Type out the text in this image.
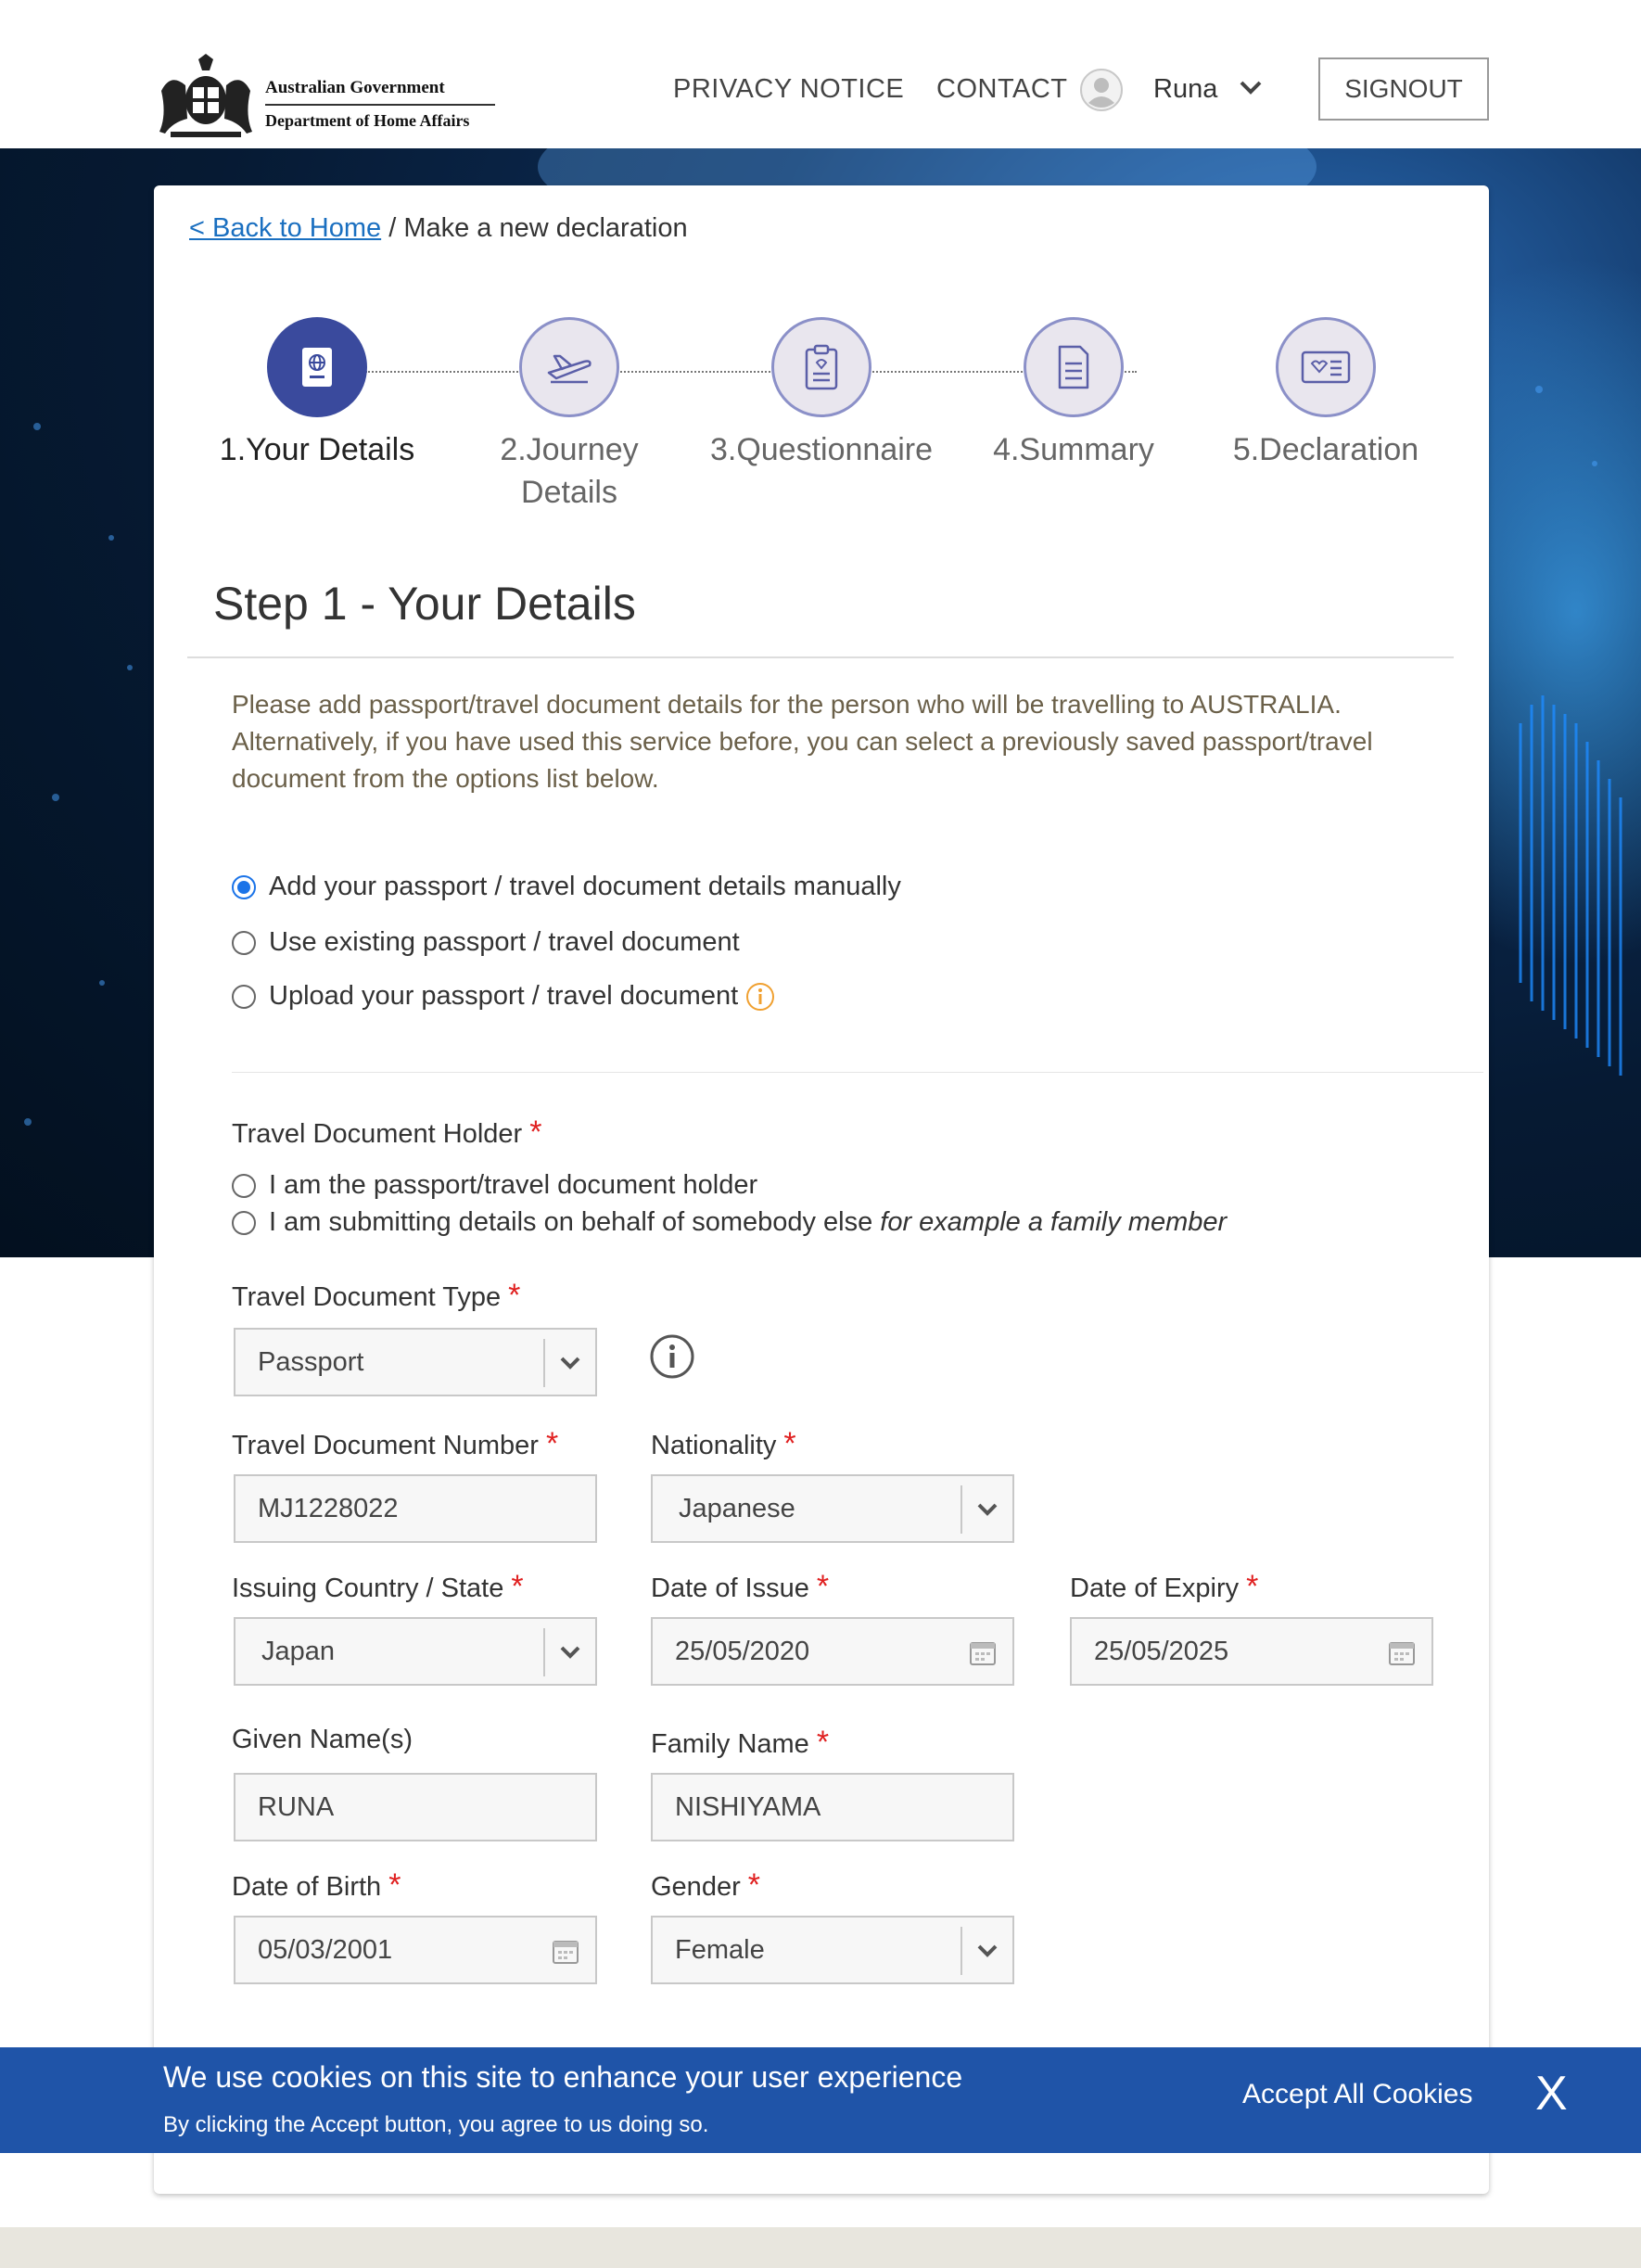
Australian Government
Department of Home Affairs
PRIVACY NOTICE CONTACT	Runa	SIGNOUT
< Back to Home / Make a new declaration
1.Your Details	2.Journey Details
3.Questionnaire	4.Summary	5.Declaration
Step 1 - Your Details

Please add passport/travel document details for the person who will be travelling to AUSTRALIA. Alternatively, if you have used this service before, you can select a previously saved passport/travel document from the options list below.

Add your passport / travel document details manually
Use existing passport / travel document
Upload your passport / travel document
Travel Document Holder *
I am the passport/travel document holder
I am submitting details on behalf of somebody else for example a family member
Travel Document Type *
Passport
Travel Document Number *
MJ1228022
Nationality *
Japanese
Issuing Country / State *
Japan
Date of Issue *
25/05/2020
Date of Expiry *
25/05/2025
Given Name(s)
RUNA
Family Name *
NISHIYAMA
Date of Birth *
05/03/2001
Gender *
Female
We use cookies on this site to enhance your user experience
By clicking the Accept button, you agree to us doing so.
Accept All Cookies X
